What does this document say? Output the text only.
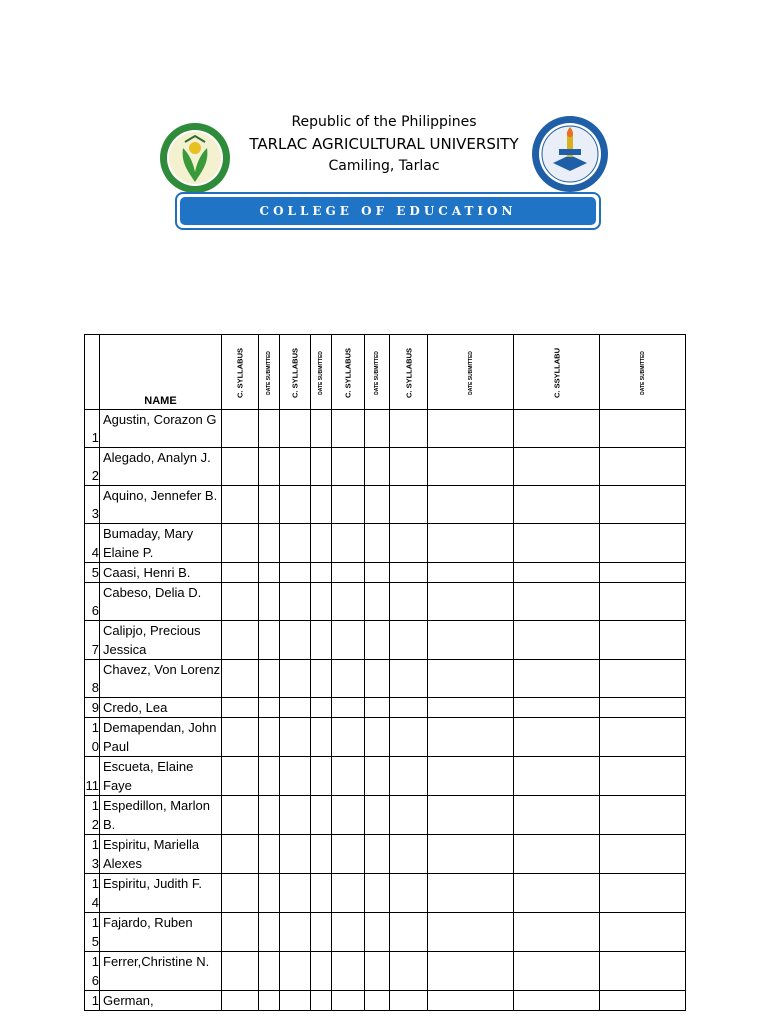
Republic of the Philippines
TARLAC AGRICULTURAL UNIVERSITY
Camiling, Tarlac
COLLEGE OF EDUCATION
	NAME	C. SYLLABUS	DATE SUBMITTED	C. SYLLABUS	DATE SUBMITTED	C. SYLLABUS	DATE SUBMITTED	C. SYLLABUS	DATE SUBMITTED	C. SSYLLABU	DATE SUBMITTED

1	Agustin, Corazon G										
2	Alegado, Analyn J.										
3	Aquino, Jennefer B.										
4	Bumaday, Mary Elaine P.										
5	Caasi, Henri B.										
6	Cabeso, Delia D.										
7	Calipjo, Precious Jessica										
8	Chavez, Von Lorenz										
9	Credo, Lea										
10	Demapendan, John Paul										
11	Escueta, Elaine Faye										
12	Espedillon, Marlon B.										
13	Espiritu, Mariella Alexes										
14	Espiritu, Judith F.										
15	Fajardo, Ruben										
16	Ferrer,Christine N.										
1	German,										
